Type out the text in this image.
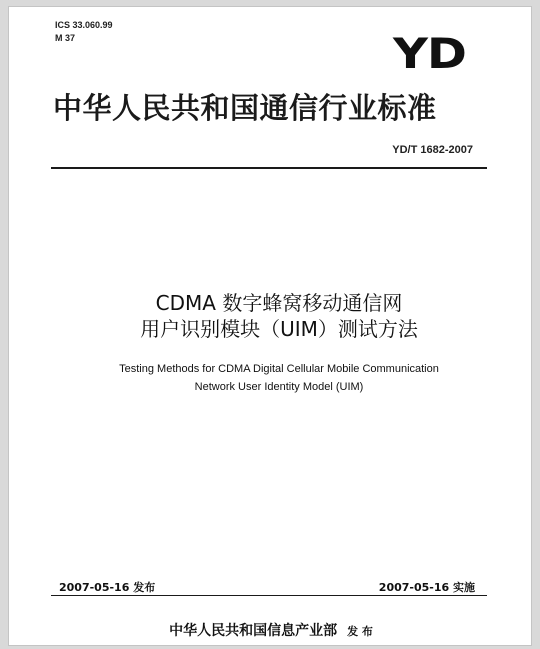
ICS 33.060.99
M 37	YD
中华人民共和国通信行业标准
YD/T 1682-2007
CDMA 数字蜂窝移动通信网
用户识别模块（UIM）测试方法
Testing Methods for CDMA Digital Cellular Mobile Communication
Network User Identity Model (UIM)
2007-05-16 发布	2007-05-16 实施
中华人民共和国信息产业部 发 布
